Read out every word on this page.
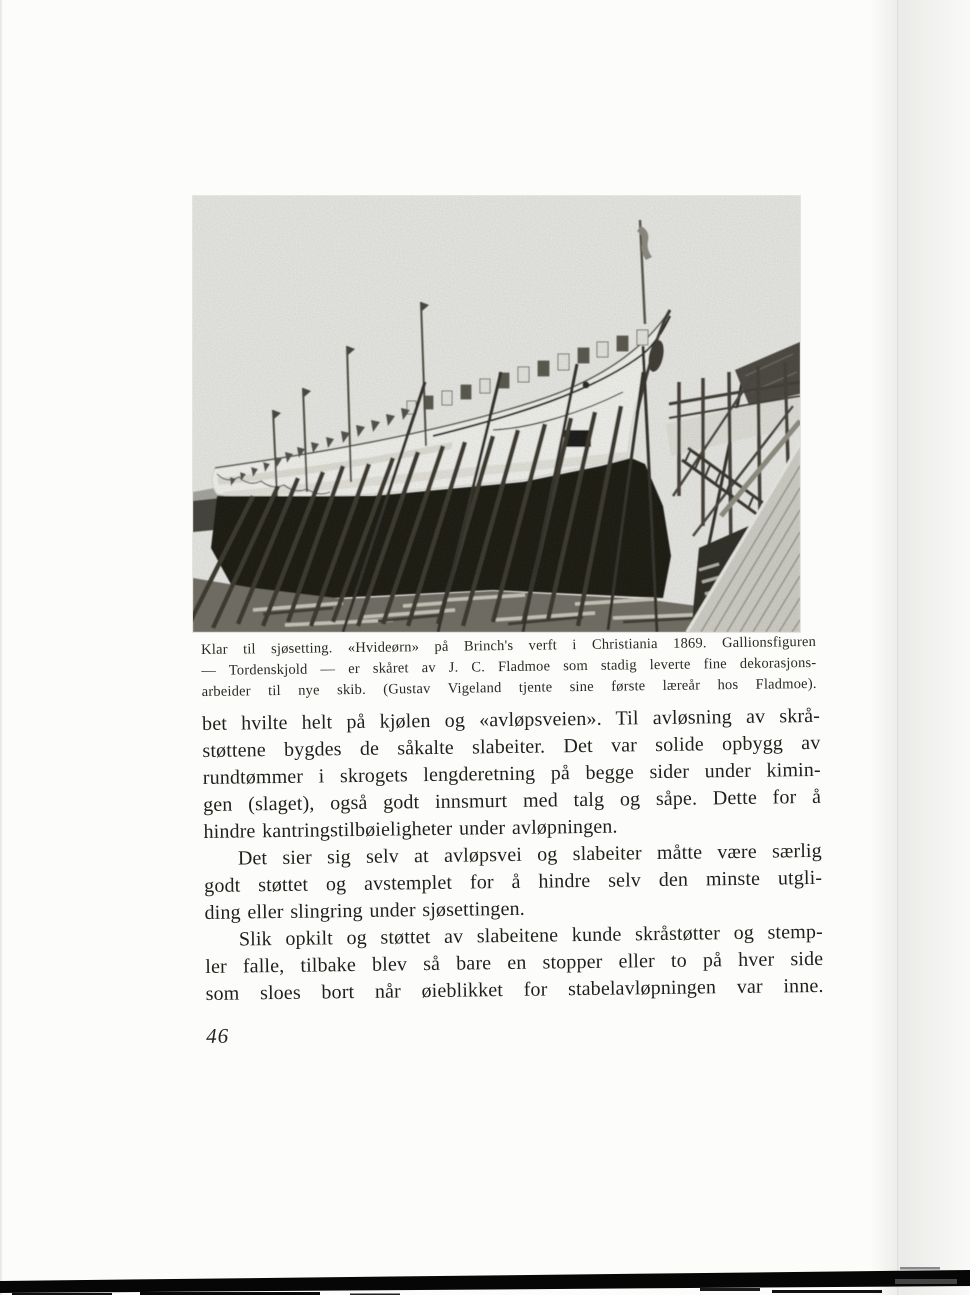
Klar til sjøsetting. «Hvideørn» på Brinch's verft i Christiania 1869. Gallionsfiguren
— Tordenskjold — er skåret av J. C. Fladmoe som stadig leverte fine dekorasjons-
arbeider til nye skib. (Gustav Vigeland tjente sine første læreår hos Fladmoe).
bet hvilte helt på kjølen og «avløpsveien». Til avløsning av skrå-
støttene bygdes de såkalte slabeiter. Det var solide opbygg av
rundtømmer i skrogets lengderetning på begge sider under kimin-
gen (slaget), også godt innsmurt med talg og såpe. Dette for å
hindre kantringstilbøieligheter under avløpningen.
Det sier sig selv at avløpsvei og slabeiter måtte være særlig
godt støttet og avstemplet for å hindre selv den minste utgli-
ding eller slingring under sjøsettingen.
Slik opkilt og støttet av slabeitene kunde skråstøtter og stemp-
ler falle, tilbake blev så bare en stopper eller to på hver side
som sloes bort når øieblikket for stabelavløpningen var inne.
46
